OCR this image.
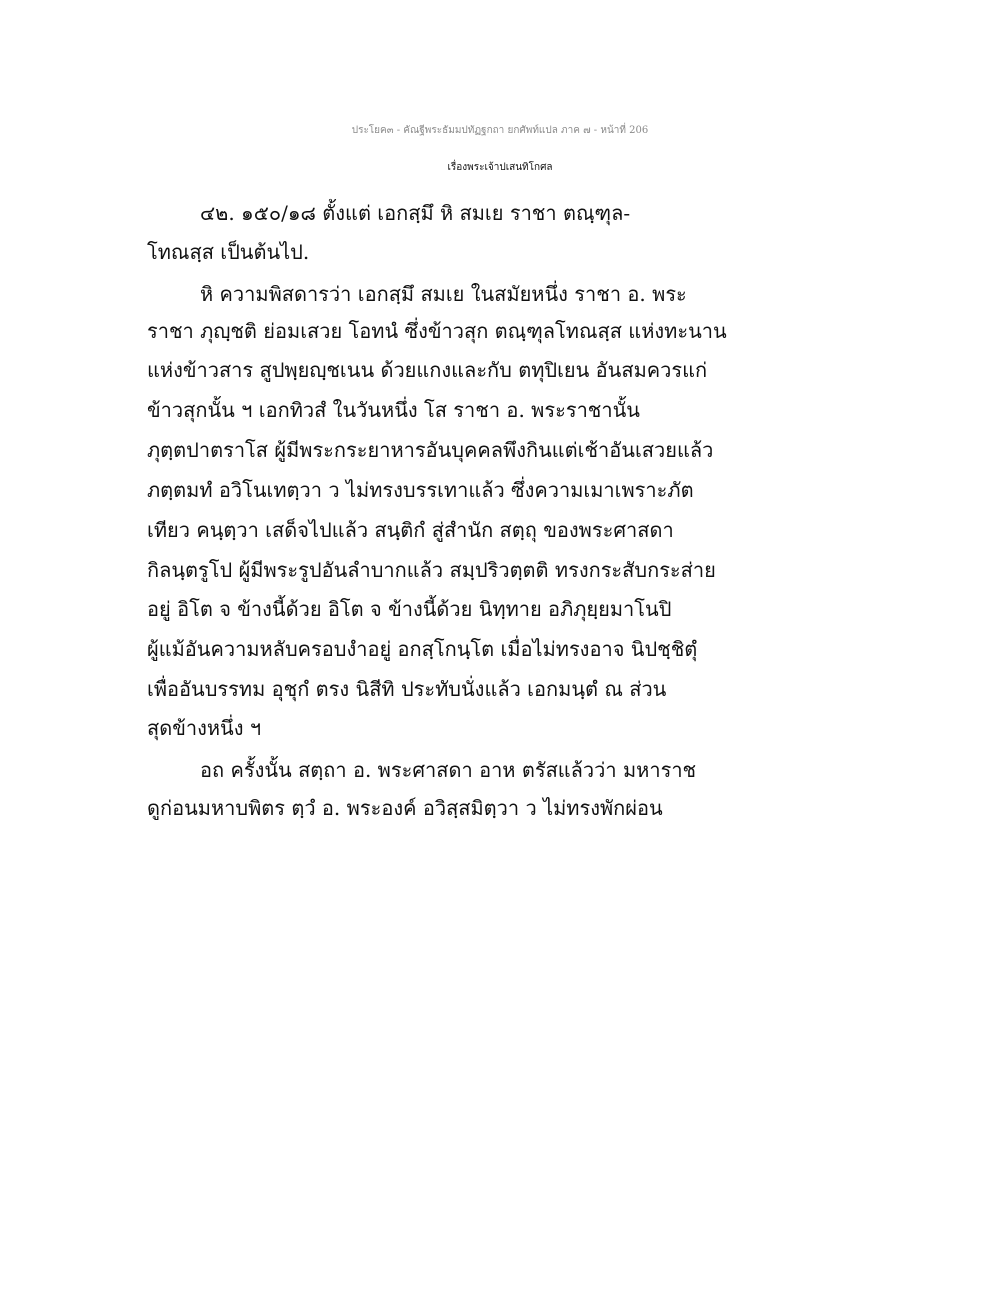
ประโยค๓ - คัณฐีพระธัมมปทัฏฐกถา ยกศัพท์แปล ภาค ๗ - หน้าที่ 206
เรื่องพระเจ้าปเสนทิโกศล
๔๒. ๑๕๐/๑๘ ตั้งแต่ เอกสฺมึ หิ สมเย ราชา ตณฺฑุล-
โทณสฺส เป็นต้นไป.
หิ ความพิสดารว่า เอกสฺมึ สมเย ในสมัยหนึ่ง ราชา อ. พระ
ราชา ภุญฺชติ ย่อมเสวย โอทนํ ซึ่งข้าวสุก ตณฺฑุลโทณสฺส แห่งทะนาน
แห่งข้าวสาร สูปพฺยญฺชเนน ด้วยแกงและกับ ตทุปิเยน อันสมควรแก่
ข้าวสุกนั้น ฯ เอกทิวสํ ในวันหนึ่ง โส ราชา อ. พระราชานั้น
ภุตฺตปาตราโส ผู้มีพระกระยาหารอันบุคคลพึงกินแต่เช้าอันเสวยแล้ว
ภตฺตมทํ อวิโนเทตฺวา ว ไม่ทรงบรรเทาแล้ว ซึ่งความเมาเพราะภัต
เทียว คนฺตฺวา เสด็จไปแล้ว สนฺติกํ สู่สำนัก สตฺถุ ของพระศาสดา
กิลนฺตรูโป ผู้มีพระรูปอันลำบากแล้ว สมฺปริวตฺตติ ทรงกระสับกระส่าย
อยู่ อิโต จ ข้างนี้ด้วย อิโต จ ข้างนี้ด้วย นิทฺทาย อภิภุยฺยมาโนปิ
ผู้แม้อันความหลับครอบงำอยู่ อกสฺโกนฺโต เมื่อไม่ทรงอาจ นิปชฺชิตุํ
เพื่ออันบรรทม อุชุกํ ตรง นิสีทิ ประทับนั่งแล้ว เอกมนฺตํ ณ ส่วน
สุดข้างหนึ่ง ฯ
อถ ครั้งนั้น สตฺถา อ. พระศาสดา อาห ตรัสแล้วว่า มหาราช
ดูก่อนมหาบพิตร ตฺวํ อ. พระองค์ อวิสฺสมิตฺวา ว ไม่ทรงพักผ่อน
